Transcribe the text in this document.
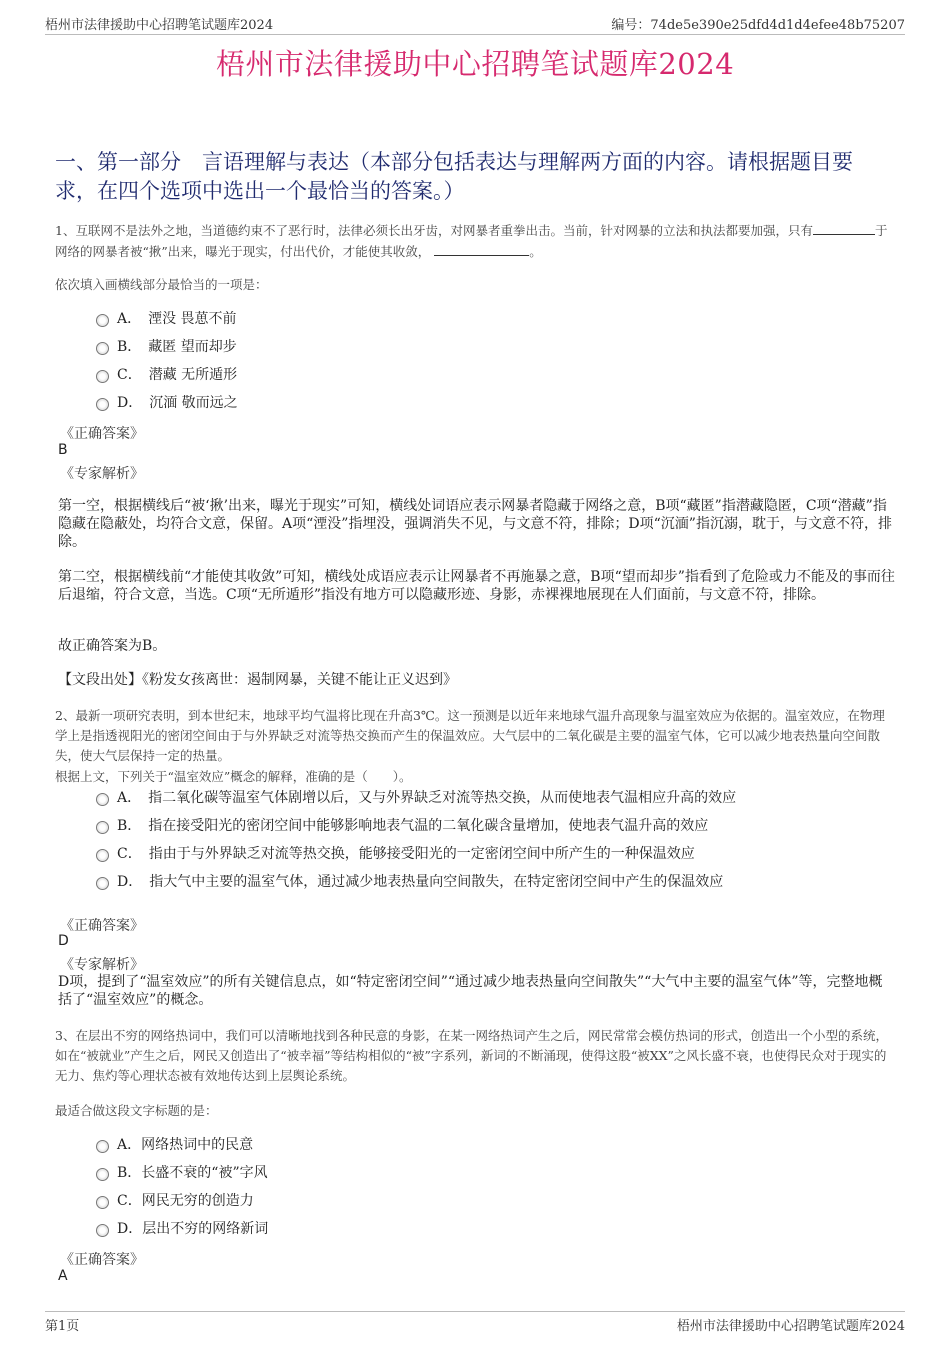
梧州市法律援助中心招聘笔试题库2024	编号：74de5e390e25dfd4d1d4efee48b75207
梧州市法律援助中心招聘笔试题库2024
一、第一部分　言语理解与表达（本部分包括表达与理解两方面的内容。请根据题目要求，在四个选项中选出一个最恰当的答案。）
1、互联网不是法外之地，当道德约束不了恶行时，法律必须长出牙齿，对网暴者重拳出击。当前，针对网暴的立法和执法都要加强，只有	于网络的网暴者被“揪”出来，曝光于现实，付出代价，才能使其收敛，	。
依次填入画横线部分最恰当的一项是：
A．　湮没 畏葸不前
B．　藏匿 望而却步
C．　潜藏 无所遁形
D．　沉湎 敬而远之
《正确答案》
B
《专家解析》
第一空，根据横线后“被‘揪’出来，曝光于现实”可知，横线处词语应表示网暴者隐藏于网络之意，B项“藏匿”指潜藏隐匿，C项“潜藏”指隐藏在隐蔽处，均符合文意，保留。A项“湮没”指埋没，强调消失不见，与文意不符，排除；D项“沉湎”指沉溺，耽于，与文意不符，排除。
第二空，根据横线前“才能使其收敛”可知，横线处成语应表示让网暴者不再施暴之意，B项“望而却步”指看到了危险或力不能及的事而往后退缩，符合文意，当选。C项“无所遁形”指没有地方可以隐藏形迹、身影，赤裸裸地展现在人们面前，与文意不符，排除。
故正确答案为B。
【文段出处】《粉发女孩离世：遏制网暴，关键不能让正义迟到》
2、最新一项研究表明，到本世纪末，地球平均气温将比现在升高3℃。这一预测是以近年来地球气温升高现象与温室效应为依据的。温室效应，在物理学上是指透视阳光的密闭空间由于与外界缺乏对流等热交换而产生的保温效应。大气层中的二氧化碳是主要的温室气体，它可以减少地表热量向空间散失，使大气层保持一定的热量。
根据上文，下列关于“温室效应”概念的解释，准确的是（　　）。
A．　指二氧化碳等温室气体剧增以后，又与外界缺乏对流等热交换，从而使地表气温相应升高的效应
B．　指在接受阳光的密闭空间中能够影响地表气温的二氧化碳含量增加，使地表气温升高的效应
C．　指由于与外界缺乏对流等热交换，能够接受阳光的一定密闭空间中所产生的一种保温效应
D．　指大气中主要的温室气体，通过减少地表热量向空间散失，在特定密闭空间中产生的保温效应
《正确答案》
D
《专家解析》
D项，提到了“温室效应”的所有关键信息点，如“特定密闭空间”“通过减少地表热量向空间散失”“大气中主要的温室气体”等，完整地概括了“温室效应”的概念。
3、在层出不穷的网络热词中，我们可以清晰地找到各种民意的身影，在某一网络热词产生之后，网民常常会模仿热词的形式，创造出一个小型的系统，如在“被就业”产生之后，网民又创造出了“被幸福”等结构相似的“被”字系列，新词的不断涌现，使得这股“被XX”之风长盛不衰，也使得民众对于现实的无力、焦灼等心理状态被有效地传达到上层舆论系统。
最适合做这段文字标题的是：
A．网络热词中的民意
B．长盛不衰的“被”字风
C．网民无穷的创造力
D．层出不穷的网络新词
《正确答案》
A
第1页	梧州市法律援助中心招聘笔试题库2024
